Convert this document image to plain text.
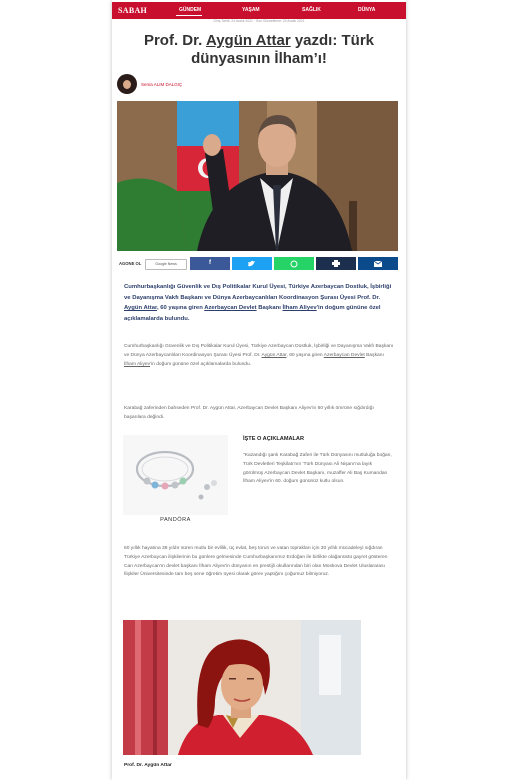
SABAH	GÜNDEM	YAŞAM	SAĞLIK	DÜNYA
Giriş Tarihi: 24 Aralık 2021 · Son Güncelleme: 24 Aralık 2021
Prof. Dr. Aygün Attar yazdı: Türk dünyasının İlham’ı!
Sema ALIM DALGIÇ
AGONE OL	Google News	f

Cumhurbaşkanlığı Güvenlik ve Dış Politikalar Kurul Üyesi, Türkiye Azerbaycan Dostluk, İşbirliği ve Dayanışma Vakfı Başkanı ve Dünya Azerbaycanlıları Koordinasyon Şurası Üyesi Prof. Dr. Aygün Attar, 60 yaşına giren Azerbaycan Devlet Başkanı İlham Aliyev'in doğum gününe özel açıklamalarda bulundu.

Cumhurbaşkanlığı Güvenlik ve Dış Politikalar Kurul Üyesi, Türkiye Azerbaycan Dostluk, İşbirliği ve Dayanışma Vakfı Başkanı ve Dünya Azerbaycanlıları Koordinasyon Şurası Üyesi Prof. Dr. Aygün Attar, 60 yaşına giren Azerbaycan Devlet Başkanı İlham Aliyev'in doğum gününe özel açıklamalarda bulundu.

Karabağ zaferinden bahseden Prof. Dr. Aygün Attar, Azerbaycan Devlet Başkanı Aliyev'in 60 yıllık ömrüne sığdırdığı başarılara değindi.

PANDÖRA
İŞTE O AÇIKLAMALAR

"Kazandığı şanlı Karabağ Zaferi ile Türk Dünyasını mutluluğa boğan, Türk Devletleri Teşkilatı'nın 'Türk Dünyası Ali Nişanı'na layık görülmüş Azerbaycan Devlet Başkanı, muzaffer Ali Baş Kumandan İlham Aliyev'in 60. doğum gününüz kutlu olsun.

60 yıllık hayatına 38 yıldır süren mutlu bir evlilik, üç evlat, beş torun ve vatan toprakları için 30 yıllık mücadeleyi sığdıran Türkiye Azerbaycan ilişkilerinin bu günlere gelmesinde Cumhurbaşkanımız Erdoğan ile birlikte olağanüstü gayret gösteren Can Azerbaycan'ın devlet başkanı İlham Aliyev'in dünyanın en prestijli okullarından biri olan Moskova Devlet Uluslararası İlişkiler Üniversitesinde tam beş sene öğretim üyesi olarak görev yaptığını çoğumuz bilmiyoruz.

Prof. Dr. Aygün Attar
